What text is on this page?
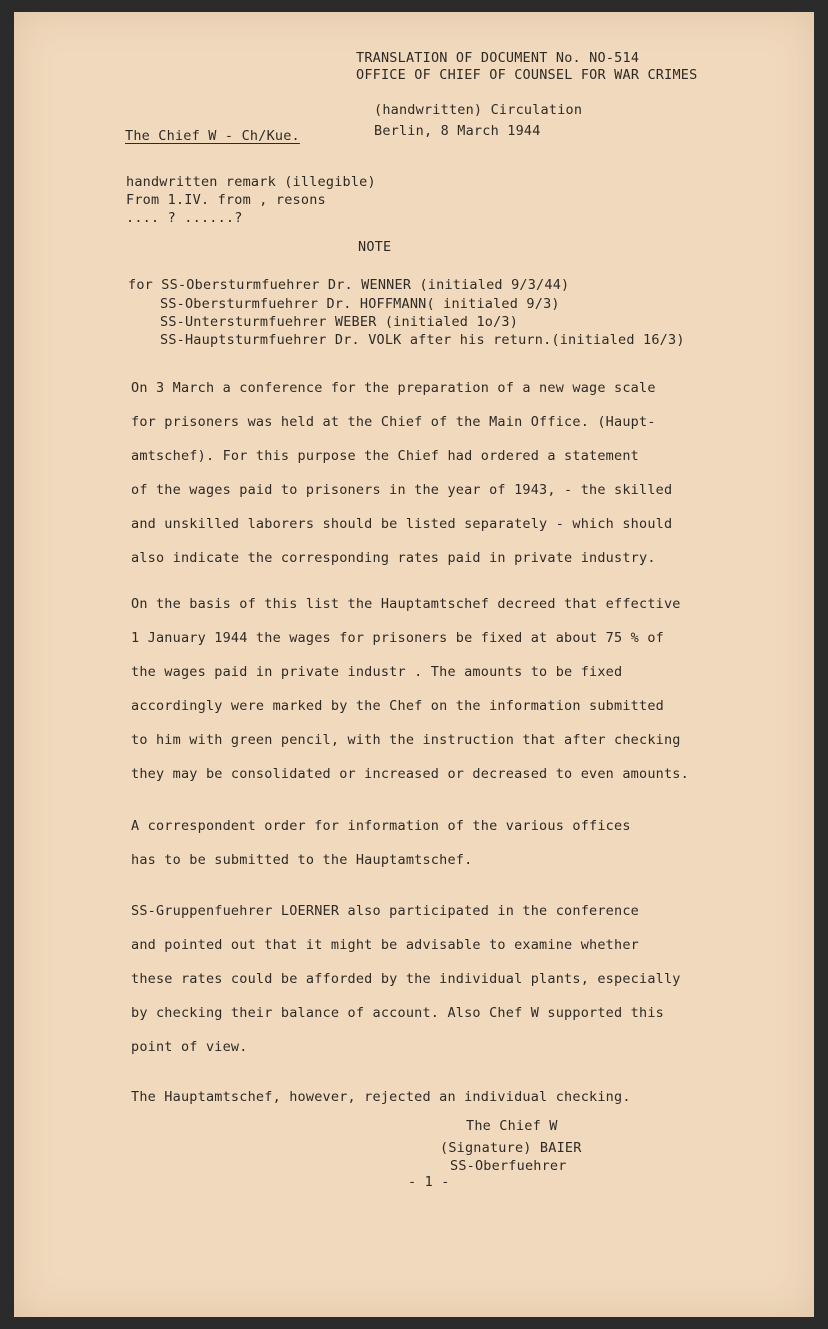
TRANSLATION OF DOCUMENT No. NO-514
OFFICE OF CHIEF OF COUNSEL FOR WAR CRIMES
(handwritten) Circulation
Berlin, 8 March 1944
The Chief W - Ch/Kue.
handwritten remark (illegible)
From 1.IV. from , resons
.... ? ......?
NOTE
for SS-Obersturmfuehrer Dr. WENNER (initialed 9/3/44)
SS-Obersturmfuehrer Dr. HOFFMANN( initialed 9/3)
SS-Untersturmfuehrer WEBER (initialed 1o/3)
SS-Hauptsturmfuehrer Dr. VOLK after his return.(initialed 16/3)
On 3 March a conference for the preparation of a new wage scale
for prisoners was held at the Chief of the Main Office. (Haupt-
amtschef). For this purpose the Chief had ordered a statement
of the wages paid to prisoners in the year of 1943, - the skilled
and unskilled laborers should be listed separately - which should
also indicate the corresponding rates paid in private industry.
On the basis of this list the Hauptamtschef decreed that effective
1 January 1944 the wages for prisoners be fixed at about 75 % of
the wages paid in private industr . The amounts to be fixed
accordingly were marked by the Chef on the information submitted
to him with green pencil, with the instruction that after checking
they may be consolidated or increased or decreased to even amounts.
A correspondent order for information of the various offices
has to be submitted to the Hauptamtschef.
SS-Gruppenfuehrer LOERNER also participated in the conference
and pointed out that it might be advisable to examine whether
these rates could be afforded by the individual plants, especially
by checking their balance of account. Also Chef W supported this
point of view.
The Hauptamtschef, however, rejected an individual checking.
The Chief W
(Signature) BAIER
SS-Oberfuehrer
- 1 -
